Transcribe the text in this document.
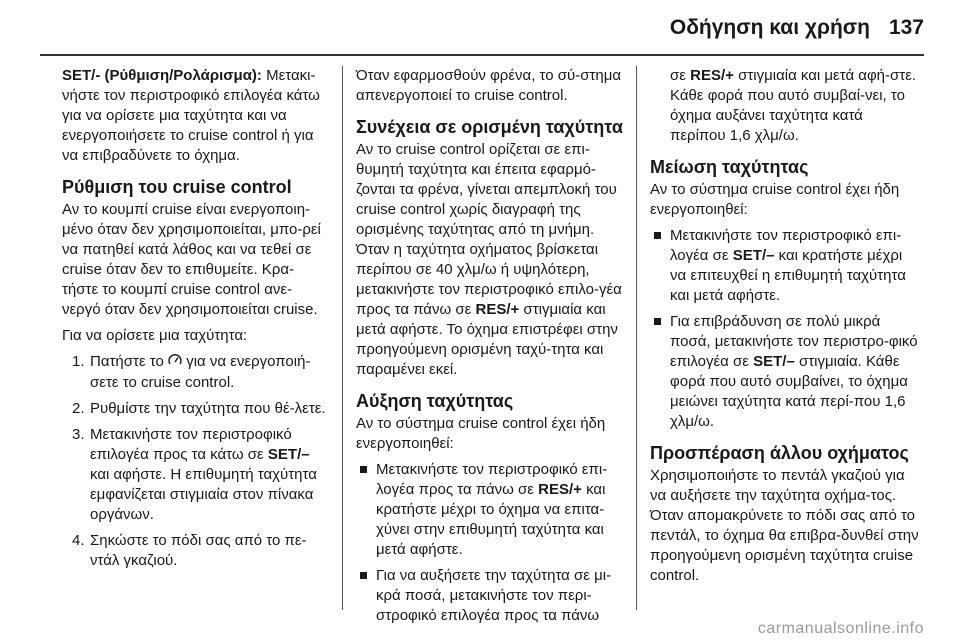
Οδήγηση και χρήση 137

SET/- (Ρύθμιση/Ρολάρισμα): Μετακι-νήστε τον περιστροφικό επιλογέα κάτω για να ορίσετε μια ταχύτητα και να ενεργοποιήσετε το cruise control ή για να επιβραδύνετε το όχημα.

Ρύθμιση του cruise control

Αν το κουμπί cruise είναι ενεργοποιη-μένο όταν δεν χρησιμοποιείται, μπο-ρεί να πατηθεί κατά λάθος και να τεθεί σε cruise όταν δεν το επιθυμείτε. Κρα-τήστε το κουμπί cruise control ανε-νεργό όταν δεν χρησιμοποιείται cruise.

Για να ορίσετε μια ταχύτητα:

1. Πατήστε το  για να ενεργοποιή-σετε το cruise control.
2. Ρυθμίστε την ταχύτητα που θέ-λετε.
3. Μετακινήστε τον περιστροφικό επιλογέα προς τα κάτω σε SET/– και αφήστε. Η επιθυμητή ταχύτητα εμφανίζεται στιγμιαία στον πίνακα οργάνων.
4. Σηκώστε το πόδι σας από το πε-ντάλ γκαζιού.

Όταν εφαρμοσθούν φρένα, το σύ-στημα απενεργοποιεί το cruise control.

Συνέχεια σε ορισμένη ταχύτητα

Αν το cruise control ορίζεται σε επι-θυμητή ταχύτητα και έπειτα εφαρμό-ζονται τα φρένα, γίνεται απεμπλοκή του cruise control χωρίς διαγραφή της ορισμένης ταχύτητας από τη μνήμη. Όταν η ταχύτητα οχήματος βρίσκεται περίπου σε 40 χλμ/ω ή υψηλότερη, μετακινήστε τον περιστροφικό επιλο-γέα προς τα πάνω σε RES/+ στιγμιαία και μετά αφήστε. Το όχημα επιστρέφει στην προηγούμενη ορισμένη ταχύ-τητα και παραμένει εκεί.

Αύξηση ταχύτητας

Αν το σύστημα cruise control έχει ήδη ενεργοποιηθεί:

Μετακινήστε τον περιστροφικό επι-λογέα προς τα πάνω σε RES/+ και κρατήστε μέχρι το όχημα να επιτα-χύνει στην επιθυμητή ταχύτητα και μετά αφήστε.
Για να αυξήσετε την ταχύτητα σε μι-κρά ποσά, μετακινήστε τον περι-στροφικό επιλογέα προς τα πάνω

σε RES/+ στιγμιαία και μετά αφή-στε. Κάθε φορά που αυτό συμβαί-νει, το όχημα αυξάνει ταχύτητα κατά περίπου 1,6 χλμ/ω.

Μείωση ταχύτητας

Αν το σύστημα cruise control έχει ήδη ενεργοποιηθεί:

Μετακινήστε τον περιστροφικό επι-λογέα σε SET/– και κρατήστε μέχρι να επιτευχθεί η επιθυμητή ταχύτητα και μετά αφήστε.
Για επιβράδυνση σε πολύ μικρά ποσά, μετακινήστε τον περιστρο-φικό επιλογέα σε SET/– στιγμιαία. Κάθε φορά που αυτό συμβαίνει, το όχημα μειώνει ταχύτητα κατά περί-που 1,6 χλμ/ω.
Προσπέραση άλλου οχήματος

Χρησιμοποιήστε το πεντάλ γκαζιού για να αυξήσετε την ταχύτητα οχήμα-τος. Όταν απομακρύνετε το πόδι σας από το πεντάλ, το όχημα θα επιβρα-δυνθεί στην προηγούμενη ορισμένη ταχύτητα cruise control.

carmanualsonline.info
